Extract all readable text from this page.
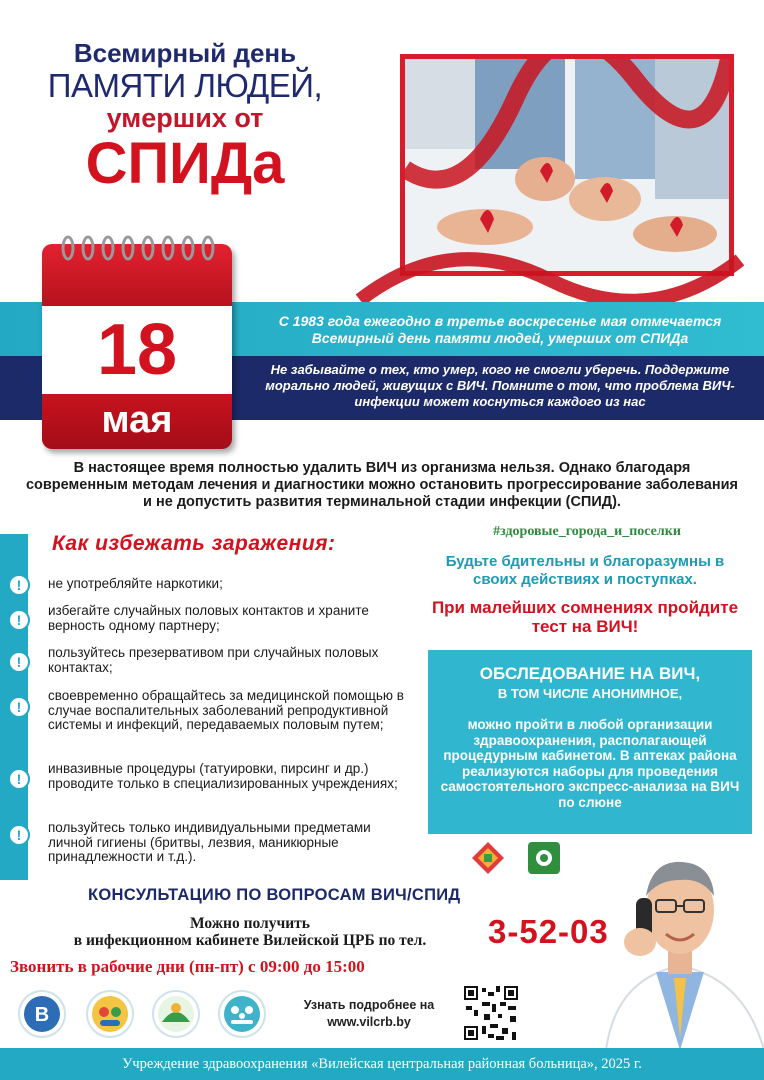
Всемирный день
ПАМЯТИ ЛЮДЕЙ,
умерших от
СПИДа
С 1983 года ежегодно в третье воскресенье мая отмечается Всемирный день памяти людей, умерших от СПИДа
Не забывайте о тех, кто умер, кого не смогли уберечь. Поддержите морально людей, живущих с ВИЧ. Помните о том, что проблема ВИЧ-инфекции может коснуться каждого из нас
18
мая
В настоящее время полностью удалить ВИЧ из организма нельзя. Однако благодаря современным методам лечения и диагностики можно остановить прогрессирование заболевания и не допустить развития терминальной стадии инфекции (СПИД).
Как избежать заражения:
!	не употребляйте наркотики;
!
избегайте случайных половых контактов и храните верность одному партнеру;
!
пользуйтесь презервативом при случайных половых контактах;
!
своевременно обращайтесь за медицинской помощью в случае воспалительных заболеваний репродуктивной системы и инфекций, передаваемых половым путем;
!
инвазивные процедуры (татуировки, пирсинг и др.) проводите только в специализированных учреждениях;
!	пользуйтесь только индивидуальными предметами личной гигиены (бритвы, лезвия, маникюрные принадлежности и т.д.).
#здоровые_города_и_поселки
Будьте бдительны и благоразумны в своих действиях и поступках.
При малейших сомнениях пройдите тест на ВИЧ!
ОБСЛЕДОВАНИЕ НА ВИЧ,
В ТОМ ЧИСЛЕ АНОНИМНОЕ,
можно пройти в любой организации здравоохранения, располагающей процедурным кабинетом. В аптеках района реализуются наборы для проведения самостоятельного экспресс-анализа на ВИЧ по слюне
КОНСУЛЬТАЦИЮ ПО ВОПРОСАМ ВИЧ/СПИД
Можно получить
в инфекционном кабинете Вилейской ЦРБ по тел.	3-52-03
Звонить в рабочие дни (пн-пт) с 09:00 до 15:00
В	Узнать подробнее на
www.vilcrb.by
Учреждение здравоохранения «Вилейская центральная районная больница», 2025 г.
